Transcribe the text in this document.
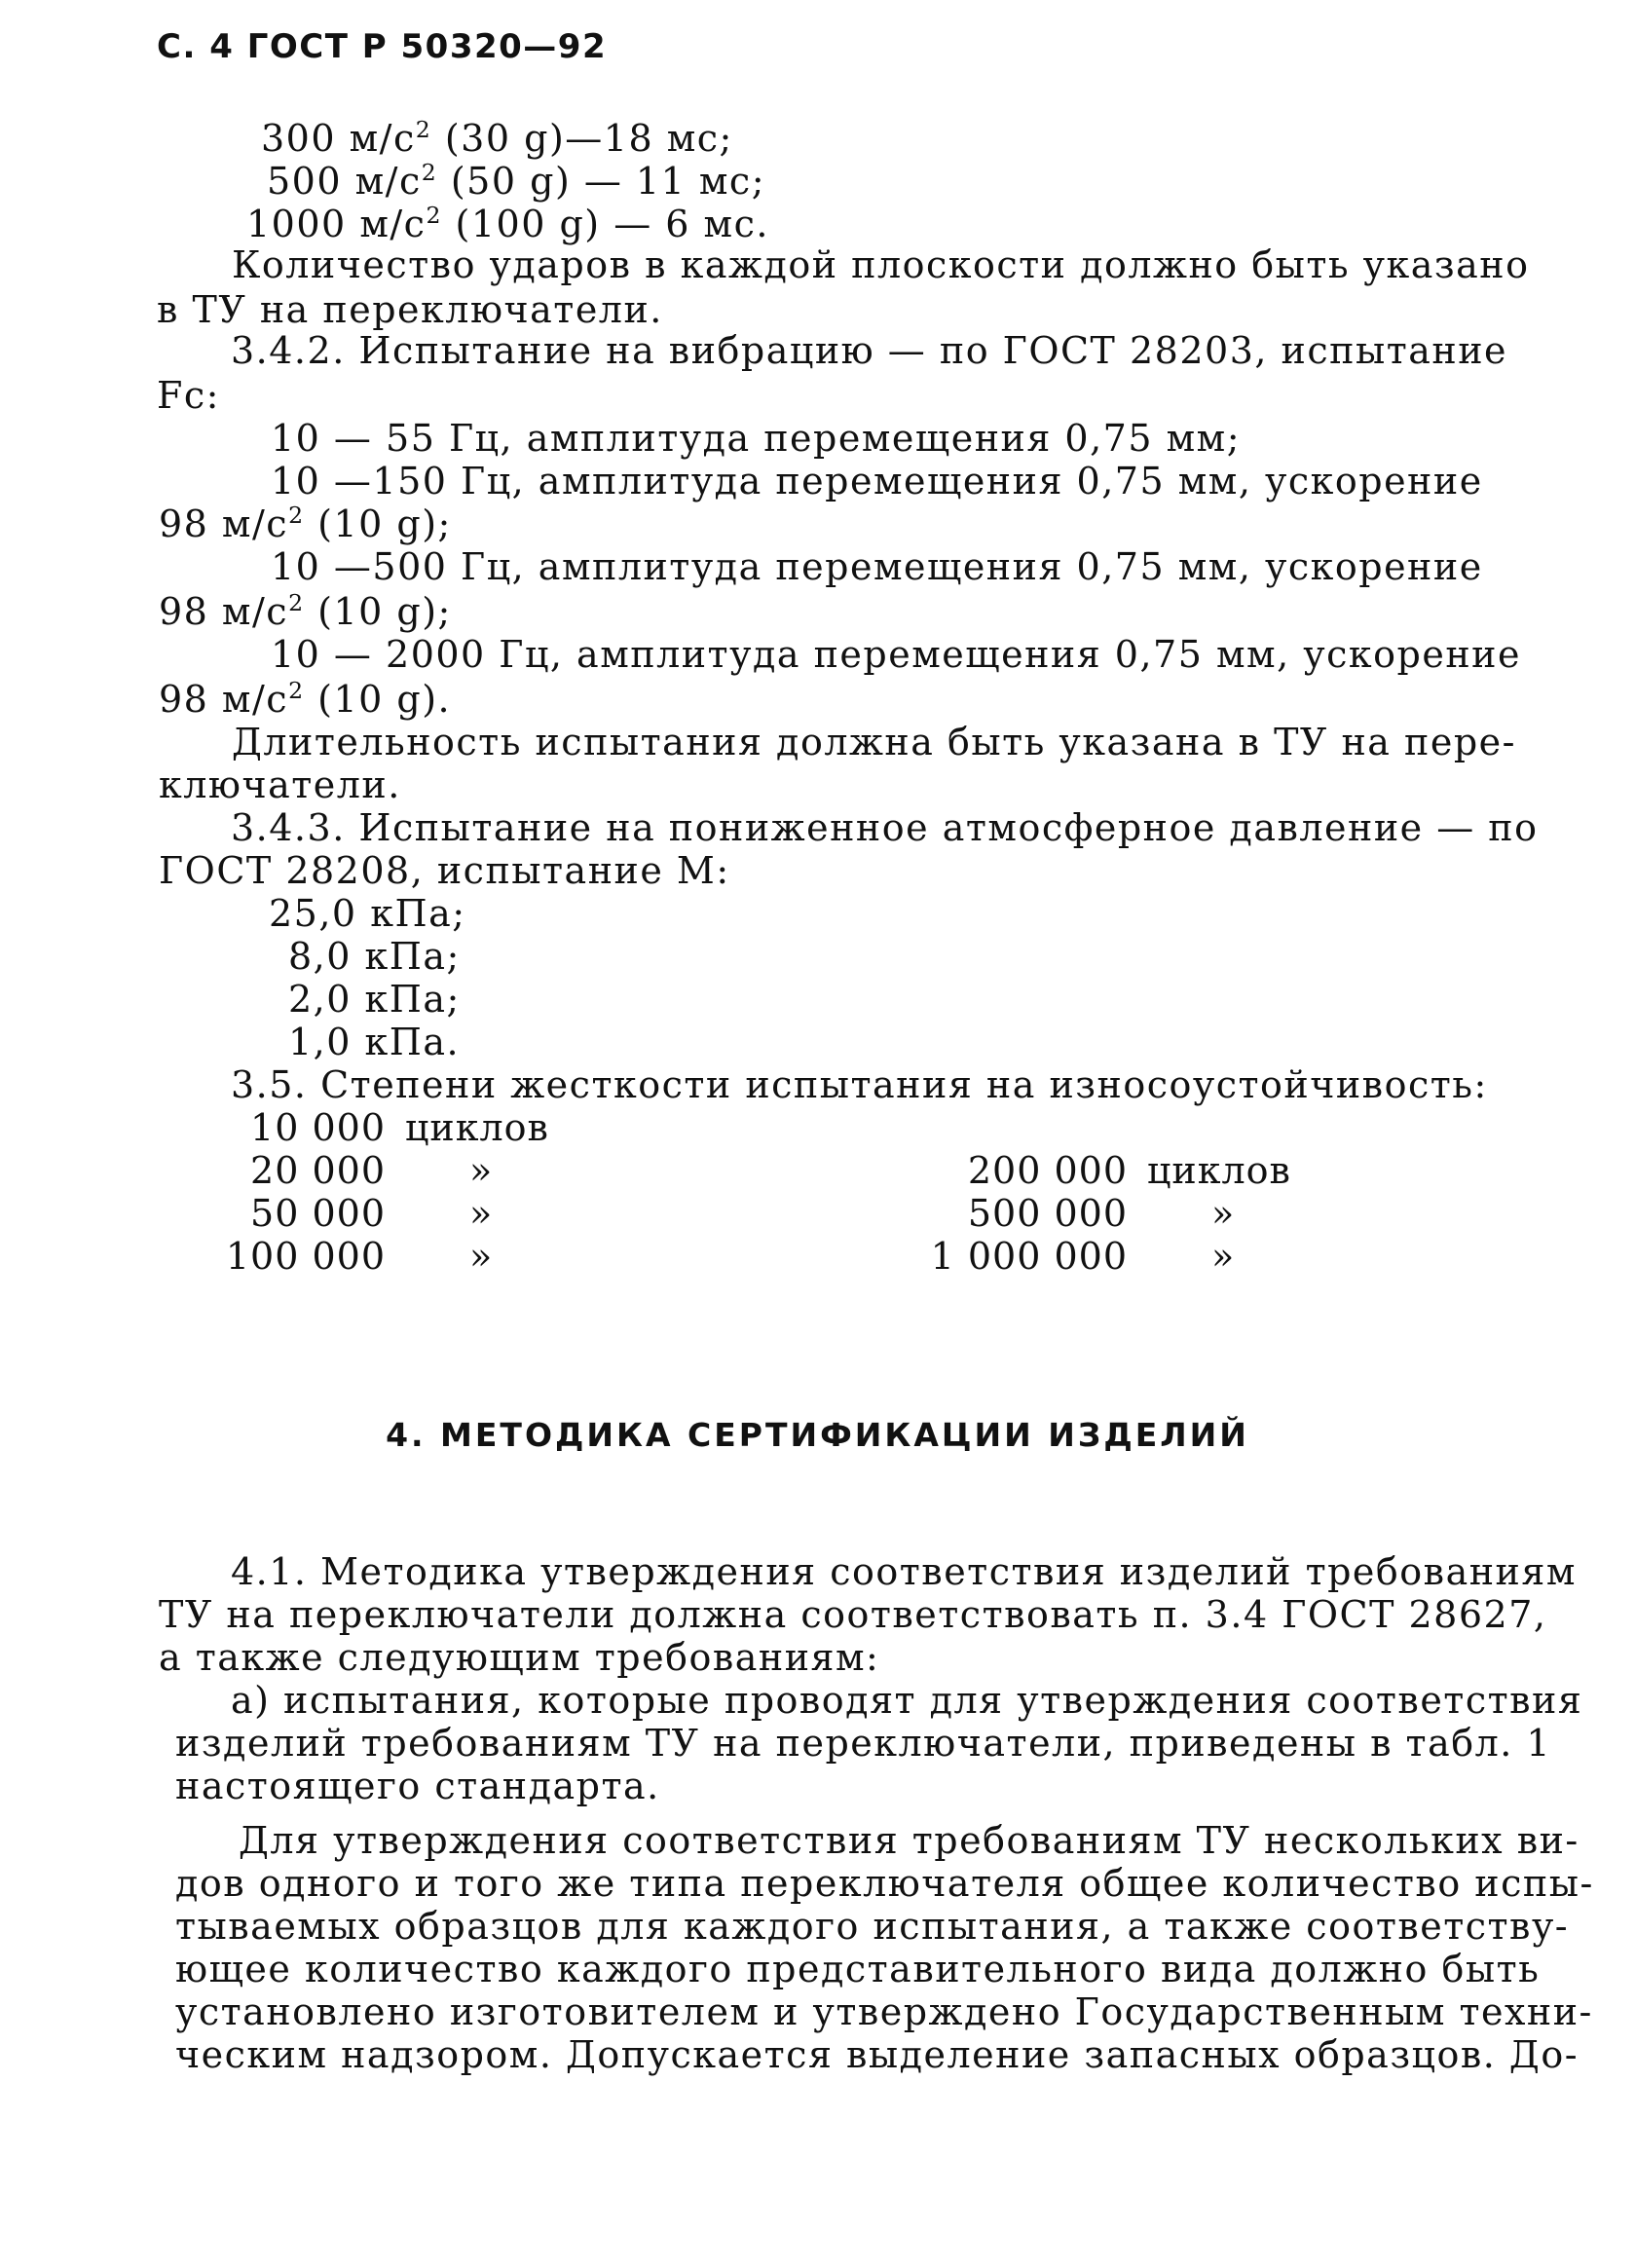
С. 4 ГОСТ Р 50320—92

300 $м/с^2$ (30 g)—18 мс;

500 $м/с^2$ (50 g) — 11 мс;

1000 $м/с^2$ (100 g) — 6 мс.

Количество ударов в каждой плоскости должно быть указано

в ТУ на переключатели.

3.4.2. Испытание на вибрацию — по ГОСТ 28203, испытание

Fc:

10 — 55 Гц, амплитуда перемещения 0,75 мм;

10 —150 Гц, амплитуда перемещения 0,75 мм, ускорение

98 $м/с^2$ (10 g);

10 —500 Гц, амплитуда перемещения 0,75 мм, ускорение

98 $м/с^2$ (10 g);

10 — 2000 Гц, амплитуда перемещения 0,75 мм, ускорение

98 $м/с^2$ (10 g).

Длительность испытания должна быть указана в ТУ на пере-

ключатели.

3.4.3. Испытание на пониженное атмосферное давление — по

ГОСТ 28208, испытание М:

25,0 кПа;

8,0 кПа;

2,0 кПа;

1,0 кПа.

3.5. Степени жесткости испытания на износоустойчивость:

10 000 циклов
20 000 »
50 000 »
100 000 »
200 000 циклов
500 000 »
1 000 000 »

4. МЕТОДИКА СЕРТИФИКАЦИИ ИЗДЕЛИЙ

4.1. Методика утверждения соответствия изделий требованиям

ТУ на переключатели должна соответствовать п. 3.4 ГОСТ 28627,

а также следующим требованиям:

а) испытания, которые проводят для утверждения соответствия

изделий требованиям ТУ на переключатели, приведены в табл. 1

настоящего стандарта.

Для утверждения соответствия требованиям ТУ нескольких ви-

дов одного и того же типа переключателя общее количество испы-

тываемых образцов для каждого испытания, а также соответству-

ющее количество каждого представительного вида должно быть

установлено изготовителем и утверждено Государственным техни-

ческим надзором. Допускается выделение запасных образцов. До-
